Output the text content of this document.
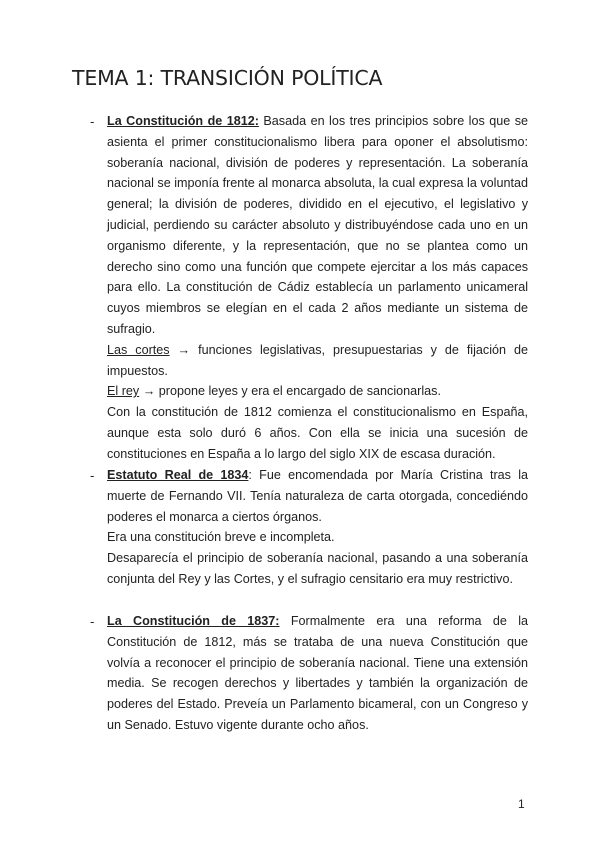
TEMA 1: TRANSICIÓN POLÍTICA
- La Constitución de 1812: Basada en los tres principios sobre los que se asienta el primer constitucionalismo libera para oponer el absolutismo: soberanía nacional, división de poderes y representación. La soberanía nacional se imponía frente al monarca absoluta, la cual expresa la voluntad general; la división de poderes, dividido en el ejecutivo, el legislativo y judicial, perdiendo su carácter absoluto y distribuyéndose cada uno en un organismo diferente, y la representación, que no se plantea como un derecho sino como una función que compete ejercitar a los más capaces para ello. La constitución de Cádiz establecía un parlamento unicameral cuyos miembros se elegían en el cada 2 años mediante un sistema de sufragio.

Las cortes → funciones legislativas, presupuestarias y de fijación de impuestos.

El rey → propone leyes y era el encargado de sancionarlas.

Con la constitución de 1812 comienza el constitucionalismo en España, aunque esta solo duró 6 años. Con ella se inicia una sucesión de constituciones en España a lo largo del siglo XIX de escasa duración.

- Estatuto Real de 1834: Fue encomendada por María Cristina tras la muerte de Fernando VII. Tenía naturaleza de carta otorgada, concediéndo poderes el monarca a ciertos órganos.

Era una constitución breve e incompleta.

Desaparecía el principio de soberanía nacional, pasando a una soberanía conjunta del Rey y las Cortes, y el sufragio censitario era muy restrictivo.

- La Constitución de 1837: Formalmente era una reforma de la Constitución de 1812, más se trataba de una nueva Constitución que volvía a reconocer el principio de soberanía nacional. Tiene una extensión media. Se recogen derechos y libertades y también la organización de poderes del Estado. Preveía un Parlamento bicameral, con un Congreso y un Senado. Estuvo vigente durante ocho años.

1
